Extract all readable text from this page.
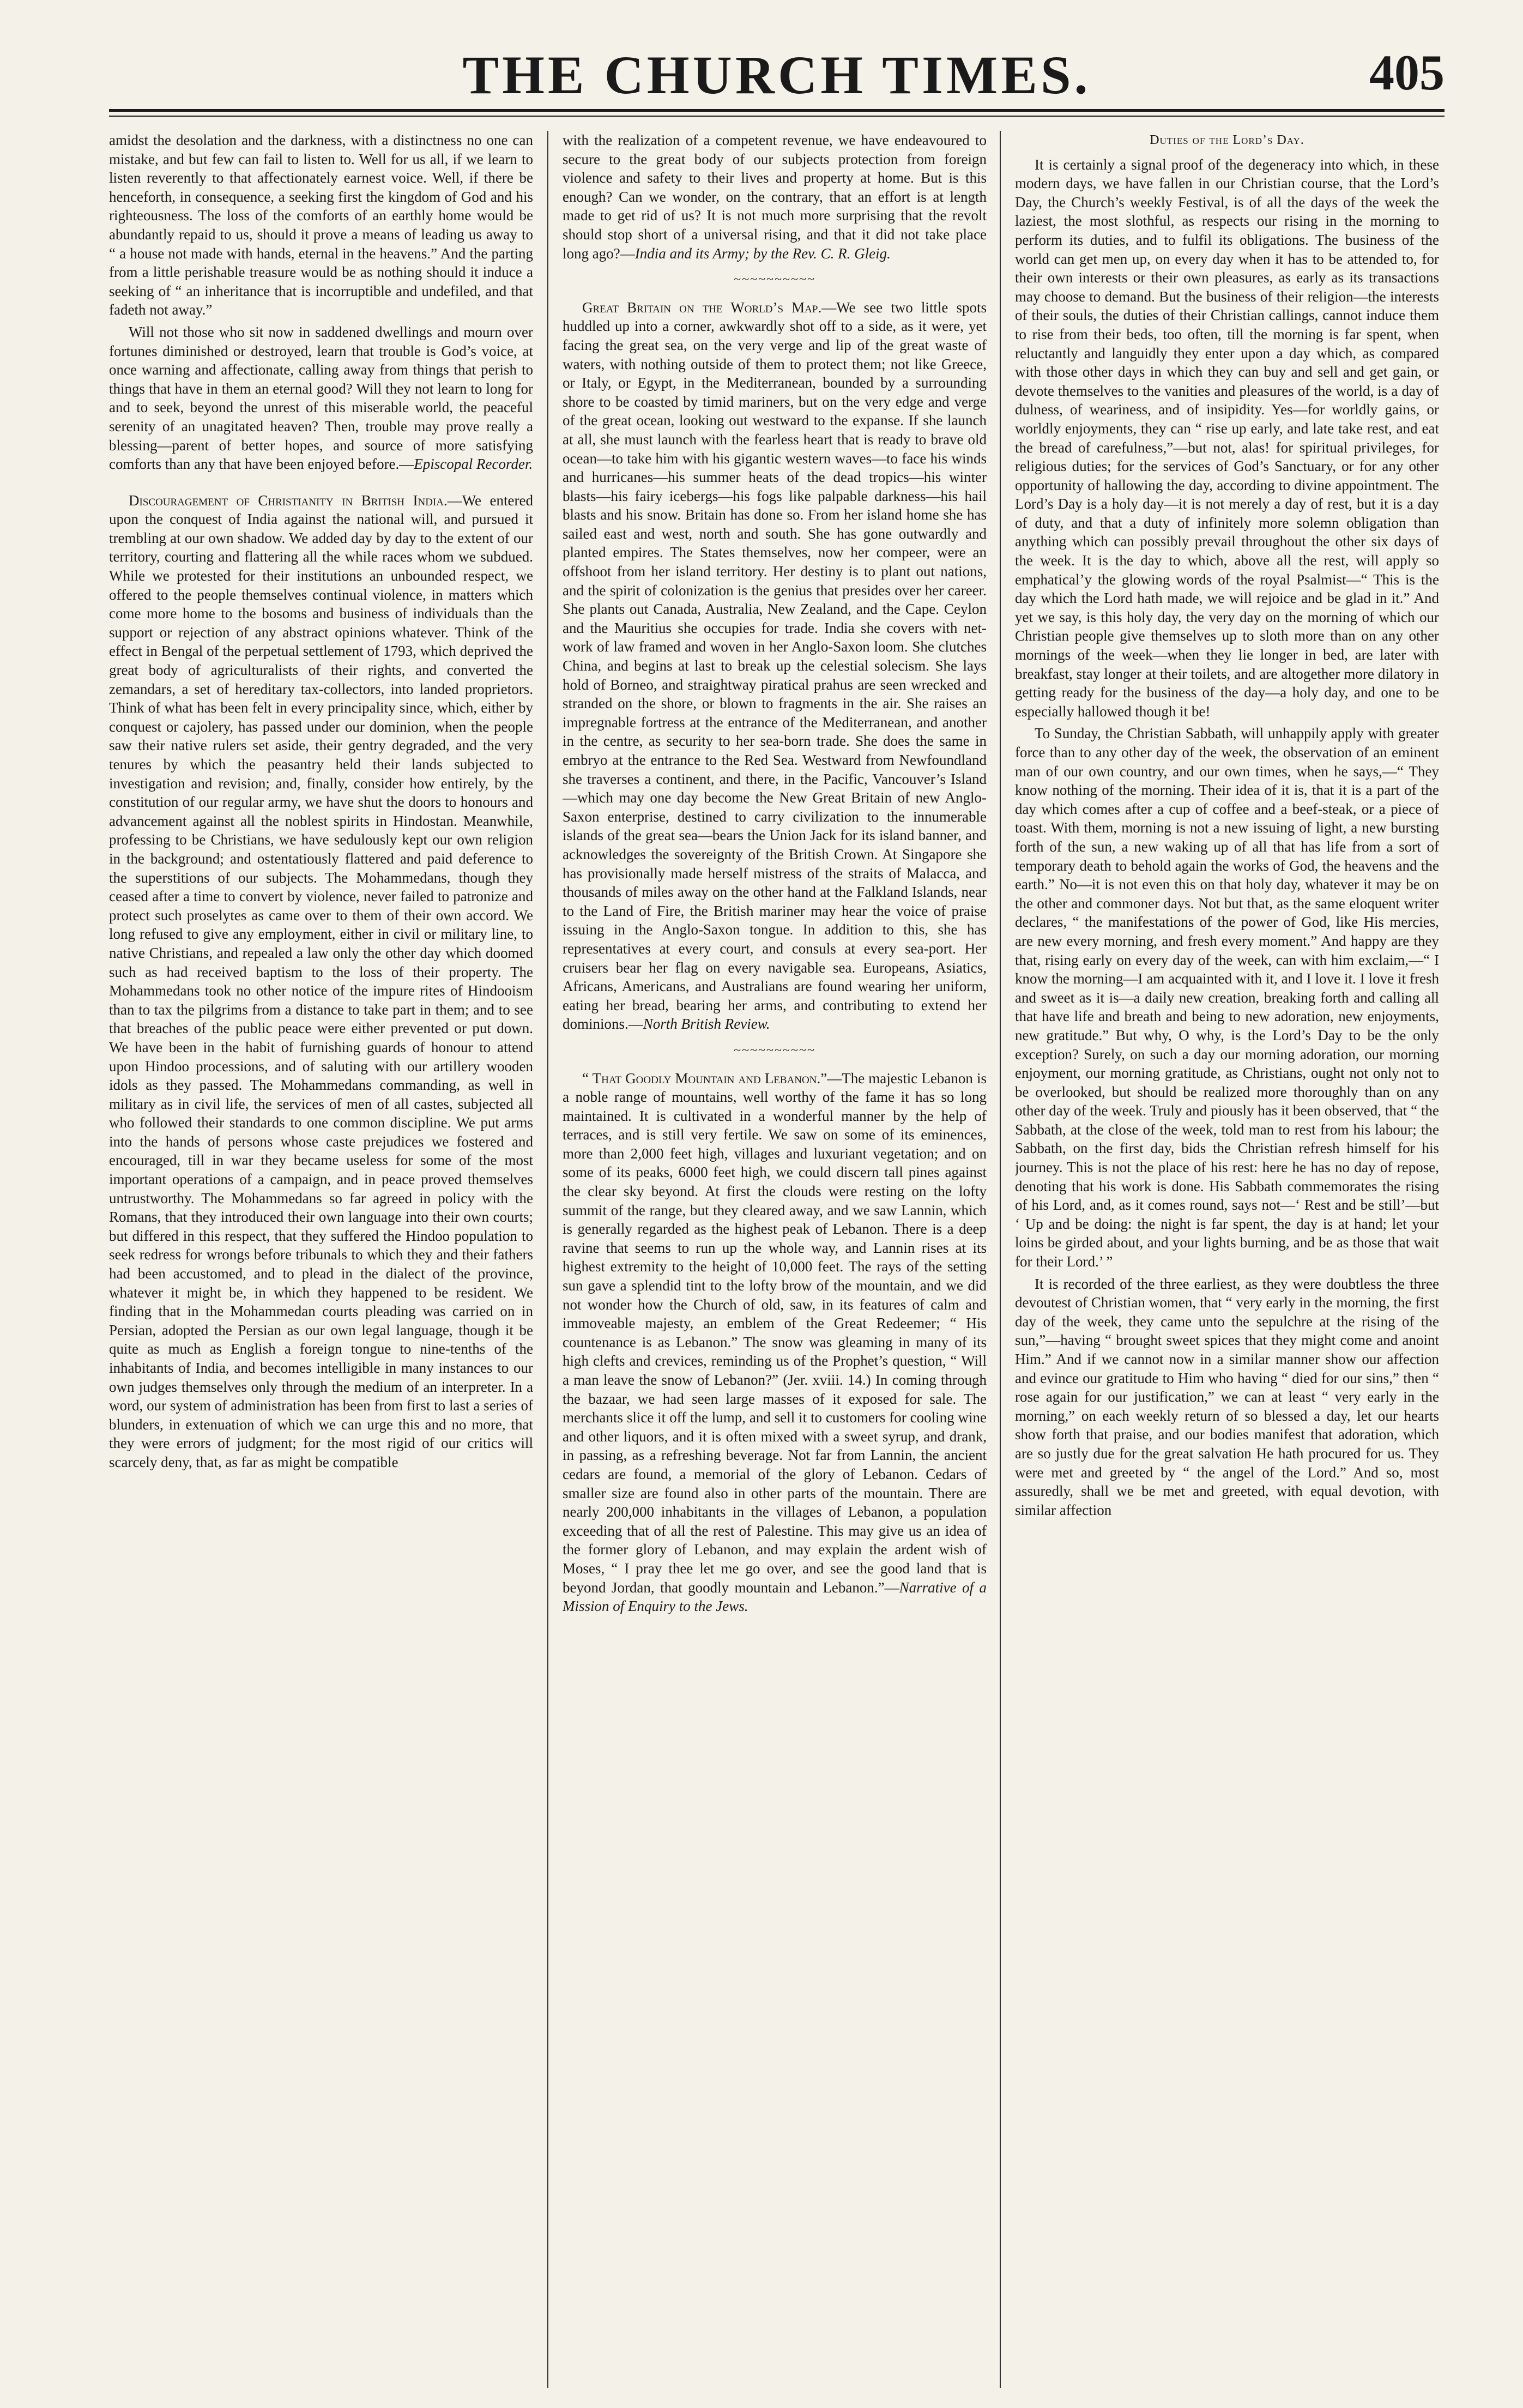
THE CHURCH TIMES.	405

amidst the desolation and the darkness, with a distinctness no one can mistake, and but few can fail to listen to. Well for us all, if we learn to listen reverently to that affectionately earnest voice. Well, if there be henceforth, in consequence, a seeking first the kingdom of God and his righteousness. The loss of the comforts of an earthly home would be abundantly repaid to us, should it prove a means of leading us away to “ a house not made with hands, eternal in the heavens.” And the parting from a little perishable treasure would be as nothing should it induce a seeking of “ an inheritance that is incorruptible and undefiled, and that fadeth not away.”

Will not those who sit now in saddened dwellings and mourn over fortunes diminished or destroyed, learn that trouble is God’s voice, at once warning and affectionate, calling away from things that perish to things that have in them an eternal good? Will they not learn to long for and to seek, beyond the unrest of this miserable world, the peaceful serenity of an unagitated heaven? Then, trouble may prove really a blessing—parent of better hopes, and source of more satisfying comforts than any that have been enjoyed before.—Episcopal Recorder.

Discouragement of Christianity in British India.—We entered upon the conquest of India against the national will, and pursued it trembling at our own shadow. We added day by day to the extent of our territory, courting and flattering all the while races whom we subdued. While we protested for their institutions an unbounded respect, we offered to the people themselves continual violence, in matters which come more home to the bosoms and business of individuals than the support or rejection of any abstract opinions whatever. Think of the effect in Bengal of the perpetual settlement of 1793, which deprived the great body of agriculturalists of their rights, and converted the zemandars, a set of hereditary tax-collectors, into landed proprietors. Think of what has been felt in every principality since, which, either by conquest or cajolery, has passed under our dominion, when the people saw their native rulers set aside, their gentry degraded, and the very tenures by which the peasantry held their lands subjected to investigation and revision; and, finally, consider how entirely, by the constitution of our regular army, we have shut the doors to honours and advancement against all the noblest spirits in Hindostan. Meanwhile, professing to be Christians, we have sedulously kept our own religion in the background; and ostentatiously flattered and paid deference to the superstitions of our subjects. The Mohammedans, though they ceased after a time to convert by violence, never failed to patronize and protect such proselytes as came over to them of their own accord. We long refused to give any employment, either in civil or military line, to native Christians, and repealed a law only the other day which doomed such as had received baptism to the loss of their property. The Mohammedans took no other notice of the impure rites of Hindooism than to tax the pilgrims from a distance to take part in them; and to see that breaches of the public peace were either prevented or put down. We have been in the habit of furnishing guards of honour to attend upon Hindoo processions, and of saluting with our artillery wooden idols as they passed. The Mohammedans commanding, as well in military as in civil life, the services of men of all castes, subjected all who followed their standards to one common discipline. We put arms into the hands of persons whose caste prejudices we fostered and encouraged, till in war they became useless for some of the most important operations of a campaign, and in peace proved themselves untrustworthy. The Mohammedans so far agreed in policy with the Romans, that they introduced their own language into their own courts; but differed in this respect, that they suffered the Hindoo population to seek redress for wrongs before tribunals to which they and their fathers had been accustomed, and to plead in the dialect of the province, whatever it might be, in which they happened to be resident. We finding that in the Mohammedan courts pleading was carried on in Persian, adopted the Persian as our own legal language, though it be quite as much as English a foreign tongue to nine-tenths of the inhabitants of India, and becomes intelligible in many instances to our own judges themselves only through the medium of an interpreter. In a word, our system of administration has been from first to last a series of blunders, in extenuation of which we can urge this and no more, that they were errors of judgment; for the most rigid of our critics will scarcely deny, that, as far as might be compatible

with the realization of a competent revenue, we have endeavoured to secure to the great body of our subjects protection from foreign violence and safety to their lives and property at home. But is this enough? Can we wonder, on the contrary, that an effort is at length made to get rid of us? It is not much more surprising that the revolt should stop short of a universal rising, and that it did not take place long ago?—India and its Army; by the Rev. C. R. Gleig.

~~~~~~~~~~

Great Britain on the World’s Map.—We see two little spots huddled up into a corner, awkwardly shot off to a side, as it were, yet facing the great sea, on the very verge and lip of the great waste of waters, with nothing outside of them to protect them; not like Greece, or Italy, or Egypt, in the Mediterranean, bounded by a surrounding shore to be coasted by timid mariners, but on the very edge and verge of the great ocean, looking out westward to the expanse. If she launch at all, she must launch with the fearless heart that is ready to brave old ocean—to take him with his gigantic western waves—to face his winds and hurricanes—his summer heats of the dead tropics—his winter blasts—his fairy icebergs—his fogs like palpable darkness—his hail blasts and his snow. Britain has done so. From her island home she has sailed east and west, north and south. She has gone outwardly and planted empires. The States themselves, now her compeer, were an offshoot from her island territory. Her destiny is to plant out nations, and the spirit of colonization is the genius that presides over her career. She plants out Canada, Australia, New Zealand, and the Cape. Ceylon and the Mauritius she occupies for trade. India she covers with net-work of law framed and woven in her Anglo-Saxon loom. She clutches China, and begins at last to break up the celestial solecism. She lays hold of Borneo, and straightway piratical prahus are seen wrecked and stranded on the shore, or blown to fragments in the air. She raises an impregnable fortress at the entrance of the Mediterranean, and another in the centre, as security to her sea-born trade. She does the same in embryo at the entrance to the Red Sea. Westward from Newfoundland she traverses a continent, and there, in the Pacific, Vancouver’s Island—which may one day become the New Great Britain of new Anglo-Saxon enterprise, destined to carry civilization to the innumerable islands of the great sea—bears the Union Jack for its island banner, and acknowledges the sovereignty of the British Crown. At Singapore she has provisionally made herself mistress of the straits of Malacca, and thousands of miles away on the other hand at the Falkland Islands, near to the Land of Fire, the British mariner may hear the voice of praise issuing in the Anglo-Saxon tongue. In addition to this, she has representatives at every court, and consuls at every sea-port. Her cruisers bear her flag on every navigable sea. Europeans, Asiatics, Africans, Americans, and Australians are found wearing her uniform, eating her bread, bearing her arms, and contributing to extend her dominions.—North British Review.

~~~~~~~~~~

“ That Goodly Mountain and Lebanon.”—The majestic Lebanon is a noble range of mountains, well worthy of the fame it has so long maintained. It is cultivated in a wonderful manner by the help of terraces, and is still very fertile. We saw on some of its eminences, more than 2,000 feet high, villages and luxuriant vegetation; and on some of its peaks, 6000 feet high, we could discern tall pines against the clear sky beyond. At first the clouds were resting on the lofty summit of the range, but they cleared away, and we saw Lannin, which is generally regarded as the highest peak of Lebanon. There is a deep ravine that seems to run up the whole way, and Lannin rises at its highest extremity to the height of 10,000 feet. The rays of the setting sun gave a splendid tint to the lofty brow of the mountain, and we did not wonder how the Church of old, saw, in its features of calm and immoveable majesty, an emblem of the Great Redeemer; “ His countenance is as Lebanon.” The snow was gleaming in many of its high clefts and crevices, reminding us of the Prophet’s question, “ Will a man leave the snow of Lebanon?” (Jer. xviii. 14.) In coming through the bazaar, we had seen large masses of it exposed for sale. The merchants slice it off the lump, and sell it to customers for cooling wine and other liquors, and it is often mixed with a sweet syrup, and drank, in passing, as a refreshing beverage. Not far from Lannin, the ancient cedars are found, a memorial of the glory of Lebanon. Cedars of smaller size are found also in other parts of the mountain. There are nearly 200,000 inhabitants in the villages of Lebanon, a population exceeding that of all the rest of Palestine. This may give us an idea of the former glory of Lebanon, and may explain the ardent wish of Moses, “ I pray thee let me go over, and see the good land that is beyond Jordan, that goodly mountain and Lebanon.”—Narrative of a Mission of Enquiry to the Jews.

Duties of the Lord’s Day.

It is certainly a signal proof of the degeneracy into which, in these modern days, we have fallen in our Christian course, that the Lord’s Day, the Church’s weekly Festival, is of all the days of the week the laziest, the most slothful, as respects our rising in the morning to perform its duties, and to fulfil its obligations. The business of the world can get men up, on every day when it has to be attended to, for their own interests or their own pleasures, as early as its transactions may choose to demand. But the business of their religion—the interests of their souls, the duties of their Christian callings, cannot induce them to rise from their beds, too often, till the morning is far spent, when reluctantly and languidly they enter upon a day which, as compared with those other days in which they can buy and sell and get gain, or devote themselves to the vanities and pleasures of the world, is a day of dulness, of weariness, and of insipidity. Yes—for worldly gains, or worldly enjoyments, they can “ rise up early, and late take rest, and eat the bread of carefulness,”—but not, alas! for spiritual privileges, for religious duties; for the services of God’s Sanctuary, or for any other opportunity of hallowing the day, according to divine appointment. The Lord’s Day is a holy day—it is not merely a day of rest, but it is a day of duty, and that a duty of infinitely more solemn obligation than anything which can possibly prevail throughout the other six days of the week. It is the day to which, above all the rest, will apply so emphatical’y the glowing words of the royal Psalmist—“ This is the day which the Lord hath made, we will rejoice and be glad in it.” And yet we say, is this holy day, the very day on the morning of which our Christian people give themselves up to sloth more than on any other mornings of the week—when they lie longer in bed, are later with breakfast, stay longer at their toilets, and are altogether more dilatory in getting ready for the business of the day—a holy day, and one to be especially hallowed though it be!

To Sunday, the Christian Sabbath, will unhappily apply with greater force than to any other day of the week, the observation of an eminent man of our own country, and our own times, when he says,—“ They know nothing of the morning. Their idea of it is, that it is a part of the day which comes after a cup of coffee and a beef-steak, or a piece of toast. With them, morning is not a new issuing of light, a new bursting forth of the sun, a new waking up of all that has life from a sort of temporary death to behold again the works of God, the heavens and the earth.” No—it is not even this on that holy day, whatever it may be on the other and commoner days. Not but that, as the same eloquent writer declares, “ the manifestations of the power of God, like His mercies, are new every morning, and fresh every moment.” And happy are they that, rising early on every day of the week, can with him exclaim,—“ I know the morning—I am acquainted with it, and I love it. I love it fresh and sweet as it is—a daily new creation, breaking forth and calling all that have life and breath and being to new adoration, new enjoyments, new gratitude.” But why, O why, is the Lord’s Day to be the only exception? Surely, on such a day our morning adoration, our morning enjoyment, our morning gratitude, as Christians, ought not only not to be overlooked, but should be realized more thoroughly than on any other day of the week. Truly and piously has it been observed, that “ the Sabbath, at the close of the week, told man to rest from his labour; the Sabbath, on the first day, bids the Christian refresh himself for his journey. This is not the place of his rest: here he has no day of repose, denoting that his work is done. His Sabbath commemorates the rising of his Lord, and, as it comes round, says not—‘ Rest and be still’—but ‘ Up and be doing: the night is far spent, the day is at hand; let your loins be girded about, and your lights burning, and be as those that wait for their Lord.’ ”

It is recorded of the three earliest, as they were doubtless the three devoutest of Christian women, that “ very early in the morning, the first day of the week, they came unto the sepulchre at the rising of the sun,”—having “ brought sweet spices that they might come and anoint Him.” And if we cannot now in a similar manner show our affection and evince our gratitude to Him who having “ died for our sins,” then “ rose again for our justification,” we can at least “ very early in the morning,” on each weekly return of so blessed a day, let our hearts show forth that praise, and our bodies manifest that adoration, which are so justly due for the great salvation He hath procured for us. They were met and greeted by “ the angel of the Lord.” And so, most assuredly, shall we be met and greeted, with equal devotion, with similar affection
